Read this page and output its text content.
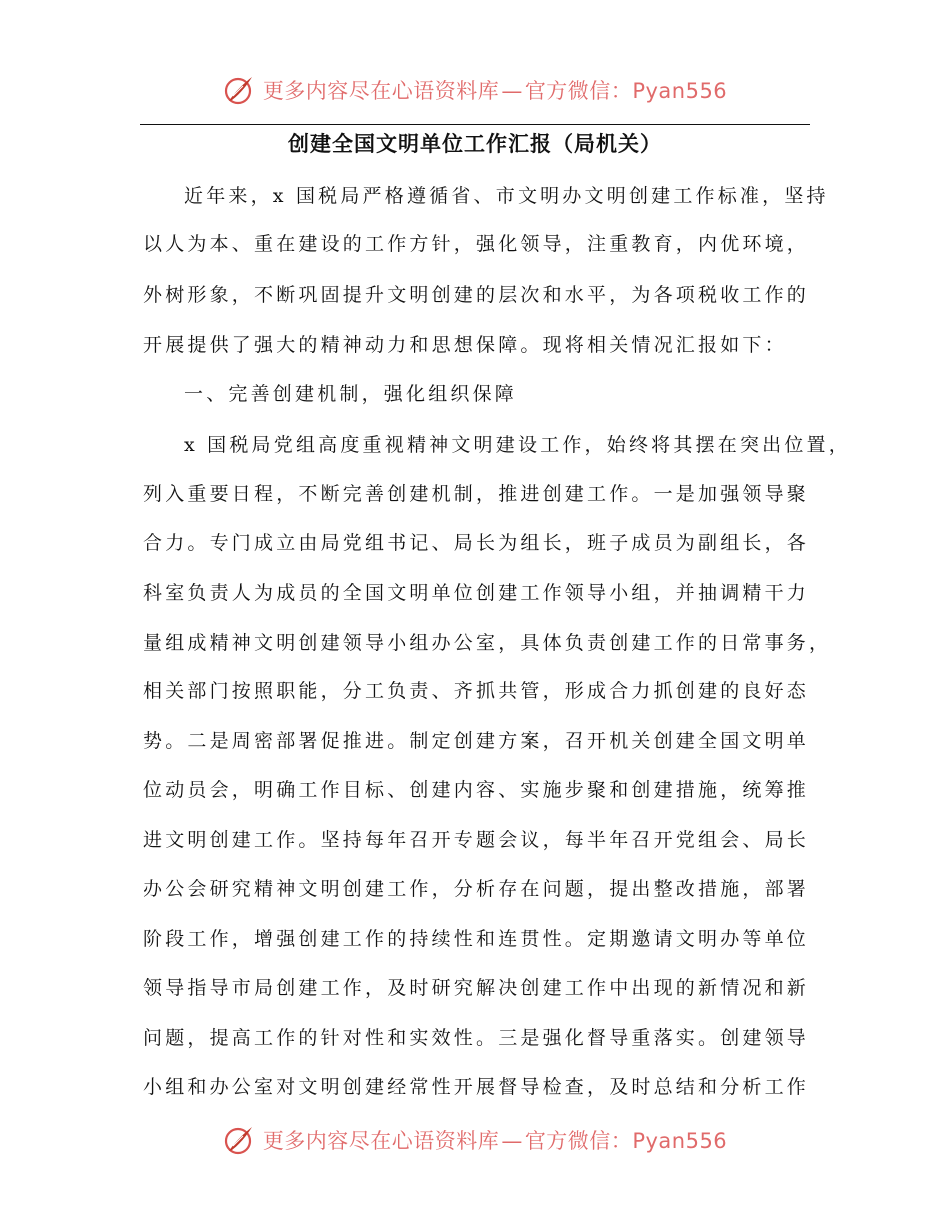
更多内容尽在心语资料库—官方微信：Pyan556
创建全国文明单位工作汇报（局机关）
近年来，x 国税局严格遵循省、市文明办文明创建工作标准，坚持
以人为本、重在建设的工作方针，强化领导，注重教育，内优环境，
外树形象，不断巩固提升文明创建的层次和水平，为各项税收工作的
开展提供了强大的精神动力和思想保障。现将相关情况汇报如下：
一、完善创建机制，强化组织保障
x 国税局党组高度重视精神文明建设工作，始终将其摆在突出位置，
列入重要日程，不断完善创建机制，推进创建工作。一是加强领导聚
合力。专门成立由局党组书记、局长为组长，班子成员为副组长，各
科室负责人为成员的全国文明单位创建工作领导小组，并抽调精干力
量组成精神文明创建领导小组办公室，具体负责创建工作的日常事务，
相关部门按照职能，分工负责、齐抓共管，形成合力抓创建的良好态
势。二是周密部署促推进。制定创建方案，召开机关创建全国文明单
位动员会，明确工作目标、创建内容、实施步聚和创建措施，统筹推
进文明创建工作。坚持每年召开专题会议，每半年召开党组会、局长
办公会研究精神文明创建工作，分析存在问题，提出整改措施，部署
阶段工作，增强创建工作的持续性和连贯性。定期邀请文明办等单位
领导指导市局创建工作，及时研究解决创建工作中出现的新情况和新
问题，提高工作的针对性和实效性。三是强化督导重落实。创建领导
小组和办公室对文明创建经常性开展督导检查，及时总结和分析工作
更多内容尽在心语资料库—官方微信：Pyan556
